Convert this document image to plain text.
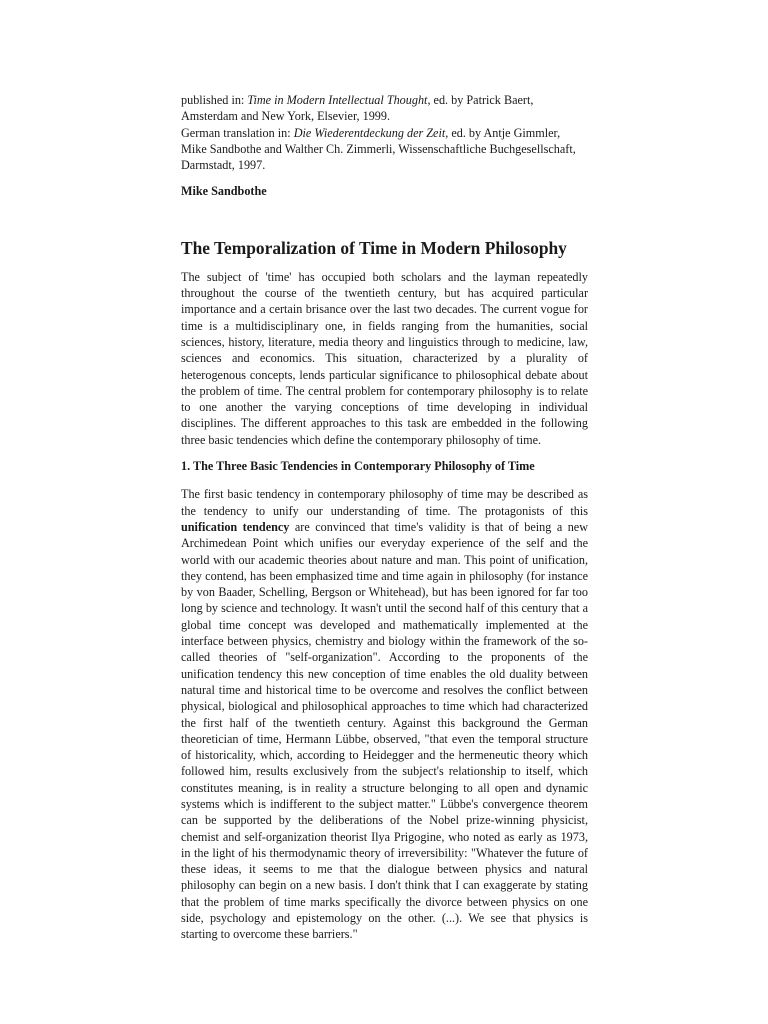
published in: Time in Modern Intellectual Thought, ed. by Patrick Baert, Amsterdam and New York, Elsevier, 1999.
German translation in: Die Wiederentdeckung der Zeit, ed. by Antje Gimmler, Mike Sandbothe and Walther Ch. Zimmerli, Wissenschaftliche Buchgesellschaft, Darmstadt, 1997.

Mike Sandbothe

The Temporalization of Time in Modern Philosophy

The subject of 'time' has occupied both scholars and the layman repeatedly throughout the course of the twentieth century, but has acquired particular importance and a certain brisance over the last two decades. The current vogue for time is a multidisciplinary one, in fields ranging from the humanities, social sciences, history, literature, media theory and linguistics through to medicine, law, sciences and economics. This situation, characterized by a plurality of heterogenous concepts, lends particular significance to philosophical debate about the problem of time. The central problem for contemporary philosophy is to relate to one another the varying conceptions of time developing in individual disciplines. The different approaches to this task are embedded in the following three basic tendencies which define the contemporary philosophy of time.

1. The Three Basic Tendencies in Contemporary Philosophy of Time

The first basic tendency in contemporary philosophy of time may be described as the tendency to unify our understanding of time. The protagonists of this unification tendency are convinced that time's validity is that of being a new Archimedean Point which unifies our everyday experience of the self and the world with our academic theories about nature and man. This point of unification, they contend, has been emphasized time and time again in philosophy (for instance by von Baader, Schelling, Bergson or Whitehead), but has been ignored for far too long by science and technology. It wasn't until the second half of this century that a global time concept was developed and mathematically implemented at the interface between physics, chemistry and biology within the framework of the so-called theories of "self-organization". According to the proponents of the unification tendency this new conception of time enables the old duality between natural time and historical time to be overcome and resolves the conflict between physical, biological and philosophical approaches to time which had characterized the first half of the twentieth century. Against this background the German theoretician of time, Hermann Lübbe, observed, "that even the temporal structure of historicality, which, according to Heidegger and the hermeneutic theory which followed him, results exclusively from the subject's relationship to itself, which constitutes meaning, is in reality a structure belonging to all open and dynamic systems which is indifferent to the subject matter." Lübbe's convergence theorem can be supported by the deliberations of the Nobel prize-winning physicist, chemist and self-organization theorist Ilya Prigogine, who noted as early as 1973, in the light of his thermodynamic theory of irreversibility: "Whatever the future of these ideas, it seems to me that the dialogue between physics and natural philosophy can begin on a new basis. I don't think that I can exaggerate by stating that the problem of time marks specifically the divorce between physics on one side, psychology and epistemology on the other. (...). We see that physics is starting to overcome these barriers."
